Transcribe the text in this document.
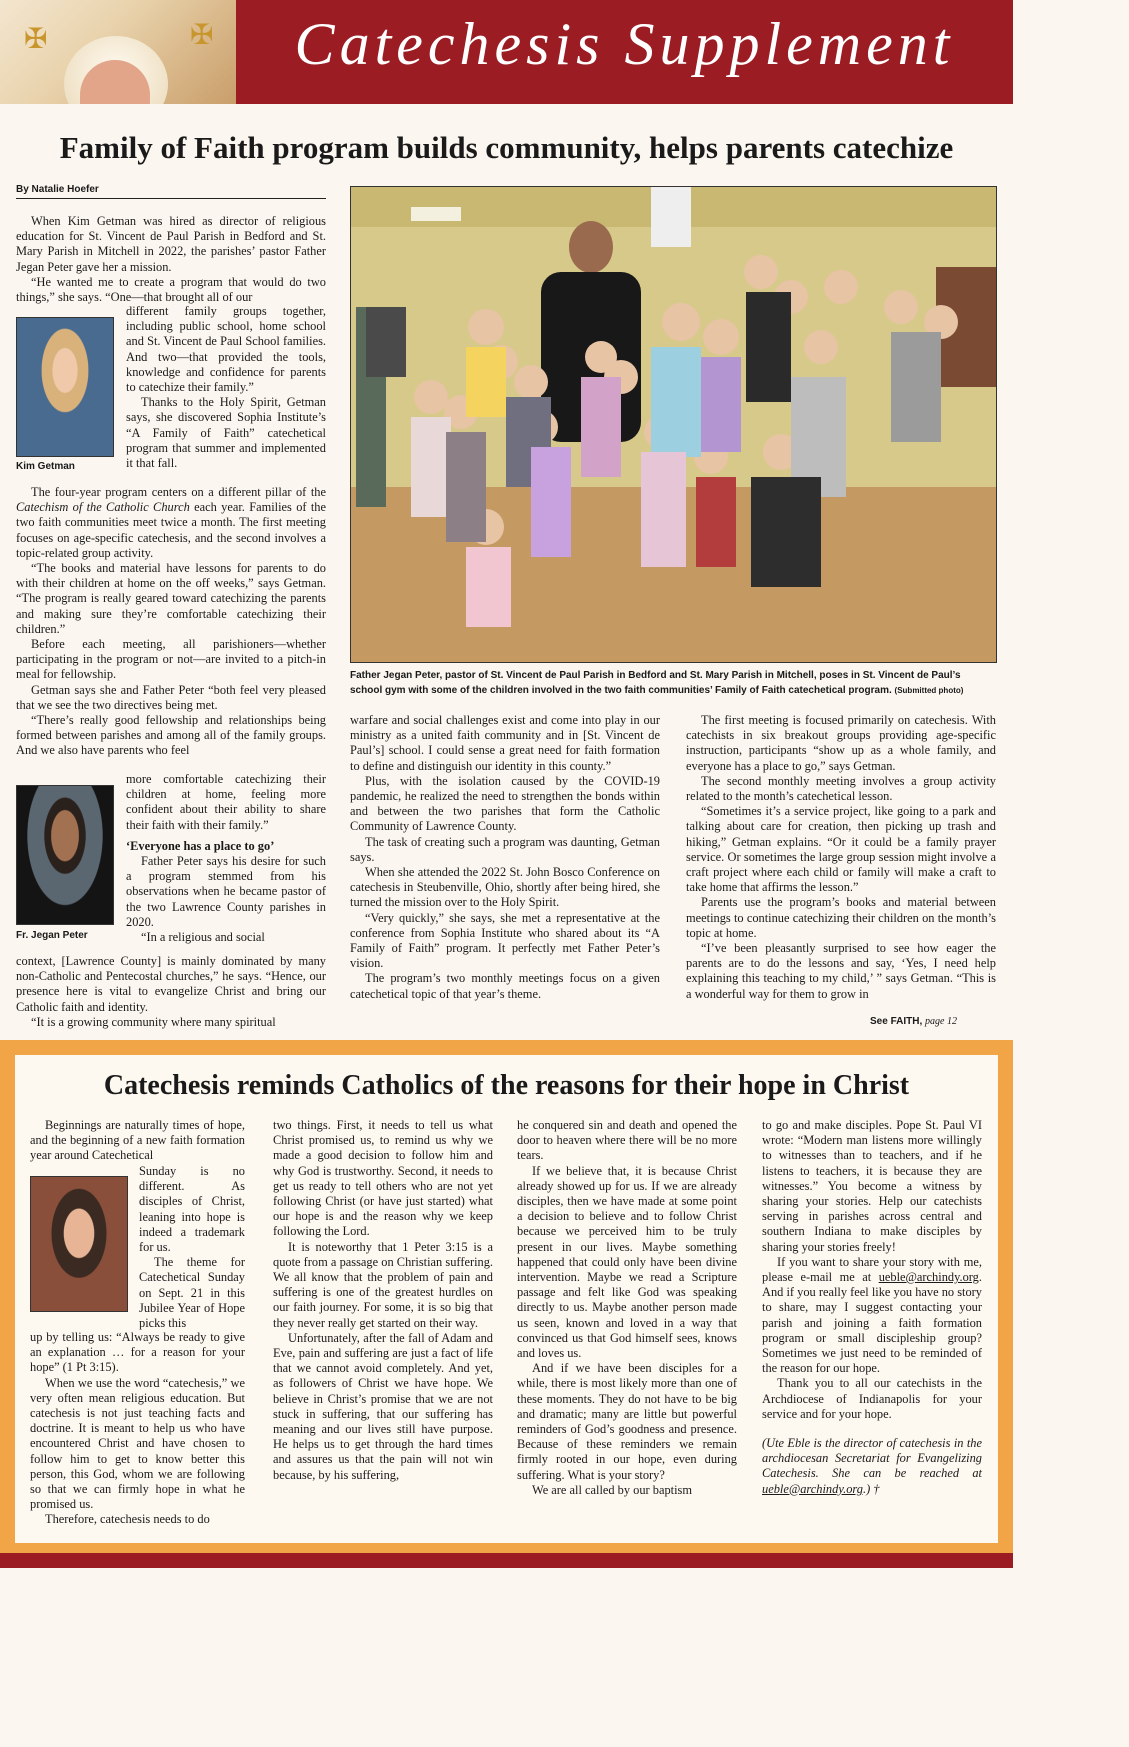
✠	✠	Catechesis Supplement
Family of Faith program builds community, helps parents catechize
By Natalie Hoefer

When Kim Getman was hired as director of religious education for St. Vincent de Paul Parish in Bedford and St. Mary Parish in Mitchell in 2022, the parishes’ pastor Father Jegan Peter gave her a mission.

“He wanted me to create a program that would do two things,” she says. “One—that brought all of our

Kim Getman

different family groups together, including public school, home school and St. Vincent de Paul School families. And two—that provided the tools, knowledge and confidence for parents to catechize their family.”

Thanks to the Holy Spirit, Getman says, she discovered Sophia Institute’s “A Family of Faith” catechetical program that summer and implemented it that fall.

The four-year program centers on a different pillar of the Catechism of the Catholic Church each year. Families of the two faith communities meet twice a month. The first meeting focuses on age-specific catechesis, and the second involves a topic-related group activity.

“The books and material have lessons for parents to do with their children at home on the off weeks,” says Getman. “The program is really geared toward catechizing the parents and making sure they’re comfortable catechizing their children.”

Before each meeting, all parishioners—whether participating in the program or not—are invited to a pitch-in meal for fellowship.

Getman says she and Father Peter “both feel very pleased that we see the two directives being met.

“There’s really good fellowship and relationships being formed between parishes and among all of the family groups. And we also have parents who feel

Fr. Jegan Peter

more comfortable catechizing their children at home, feeling more confident about their ability to share their faith with their family.”

‘Everyone has a place to go’

Father Peter says his desire for such a program stemmed from his observations when he became pastor of the two Lawrence County parishes in 2020.

“In a religious and social

context, [Lawrence County] is mainly dominated by many non-Catholic and Pentecostal churches,” he says. “Hence, our presence here is vital to evangelize Christ and bring our Catholic faith and identity.

“It is a growing community where many spiritual

Father Jegan Peter, pastor of St. Vincent de Paul Parish in Bedford and St. Mary Parish in Mitchell, poses in St. Vincent de Paul’s school gym with some of the children involved in the two faith communities’ Family of Faith catechetical program. (Submitted photo)

warfare and social challenges exist and come into play in our ministry as a united faith community and in [St. Vincent de Paul’s] school. I could sense a great need for faith formation to define and distinguish our identity in this county.”

Plus, with the isolation caused by the COVID-19 pandemic, he realized the need to strengthen the bonds within and between the two parishes that form the Catholic Community of Lawrence County.

The task of creating such a program was daunting, Getman says.

When she attended the 2022 St. John Bosco Conference on catechesis in Steubenville, Ohio, shortly after being hired, she turned the mission over to the Holy Spirit.

“Very quickly,” she says, she met a representative at the conference from Sophia Institute who shared about its “A Family of Faith” program. It perfectly met Father Peter’s vision.

The program’s two monthly meetings focus on a given catechetical topic of that year’s theme.

The first meeting is focused primarily on catechesis. With catechists in six breakout groups providing age-specific instruction, participants “show up as a whole family, and everyone has a place to go,” says Getman.

The second monthly meeting involves a group activity related to the month’s catechetical lesson.

“Sometimes it’s a service project, like going to a park and talking about care for creation, then picking up trash and hiking,” Getman explains. “Or it could be a family prayer service. Or sometimes the large group session might involve a craft project where each child or family will make a craft to take home that affirms the lesson.”

Parents use the program’s books and material between meetings to continue catechizing their children on the month’s topic at home.

“I’ve been pleasantly surprised to see how eager the parents are to do the lessons and say, ‘Yes, I need help explaining this teaching to my child,’ ” says Getman. “This is a wonderful way for them to grow in

See FAITH, page 12
Catechesis reminds Catholics of the reasons for their hope in Christ

Beginnings are naturally times of hope, and the beginning of a new faith formation year around Catechetical

Sunday is no different. As disciples of Christ, leaning into hope is indeed a trademark for us.

The theme for Catechetical Sunday on Sept. 21 in this Jubilee Year of Hope picks this

up by telling us: “Always be ready to give an explanation … for a reason for your hope” (1 Pt 3:15).

When we use the word “catechesis,” we very often mean religious education. But catechesis is not just teaching facts and doctrine. It is meant to help us who have encountered Christ and have chosen to follow him to get to know better this person, this God, whom we are following so that we can firmly hope in what he promised us.

Therefore, catechesis needs to do

two things. First, it needs to tell us what Christ promised us, to remind us why we made a good decision to follow him and why God is trustworthy. Second, it needs to get us ready to tell others who are not yet following Christ (or have just started) what our hope is and the reason why we keep following the Lord.

It is noteworthy that 1 Peter 3:15 is a quote from a passage on Christian suffering. We all know that the problem of pain and suffering is one of the greatest hurdles on our faith journey. For some, it is so big that they never really get started on their way.

Unfortunately, after the fall of Adam and Eve, pain and suffering are just a fact of life that we cannot avoid completely. And yet, as followers of Christ we have hope. We believe in Christ’s promise that we are not stuck in suffering, that our suffering has meaning and our lives still have purpose. He helps us to get through the hard times and assures us that the pain will not win because, by his suffering,

he conquered sin and death and opened the door to heaven where there will be no more tears.

If we believe that, it is because Christ already showed up for us. If we are already disciples, then we have made at some point a decision to believe and to follow Christ because we perceived him to be truly present in our lives. Maybe something happened that could only have been divine intervention. Maybe we read a Scripture passage and felt like God was speaking directly to us. Maybe another person made us seen, known and loved in a way that convinced us that God himself sees, knows and loves us.

And if we have been disciples for a while, there is most likely more than one of these moments. They do not have to be big and dramatic; many are little but powerful reminders of God’s goodness and presence. Because of these reminders we remain firmly rooted in our hope, even during suffering. What is your story?

We are all called by our baptism

to go and make disciples. Pope St. Paul VI wrote: “Modern man listens more willingly to witnesses than to teachers, and if he listens to teachers, it is because they are witnesses.” You become a witness by sharing your stories. Help our catechists serving in parishes across central and southern Indiana to make disciples by sharing your stories freely!

If you want to share your story with me, please e-mail me at ueble@archindy.org. And if you really feel like you have no story to share, may I suggest contacting your parish and joining a faith formation program or small discipleship group? Sometimes we just need to be reminded of the reason for our hope.

Thank you to all our catechists in the Archdiocese of Indianapolis for your service and for your hope.

(Ute Eble is the director of catechesis in the archdiocesan Secretariat for Evangelizing Catechesis. She can be reached at ueble@archindy.org.) †
